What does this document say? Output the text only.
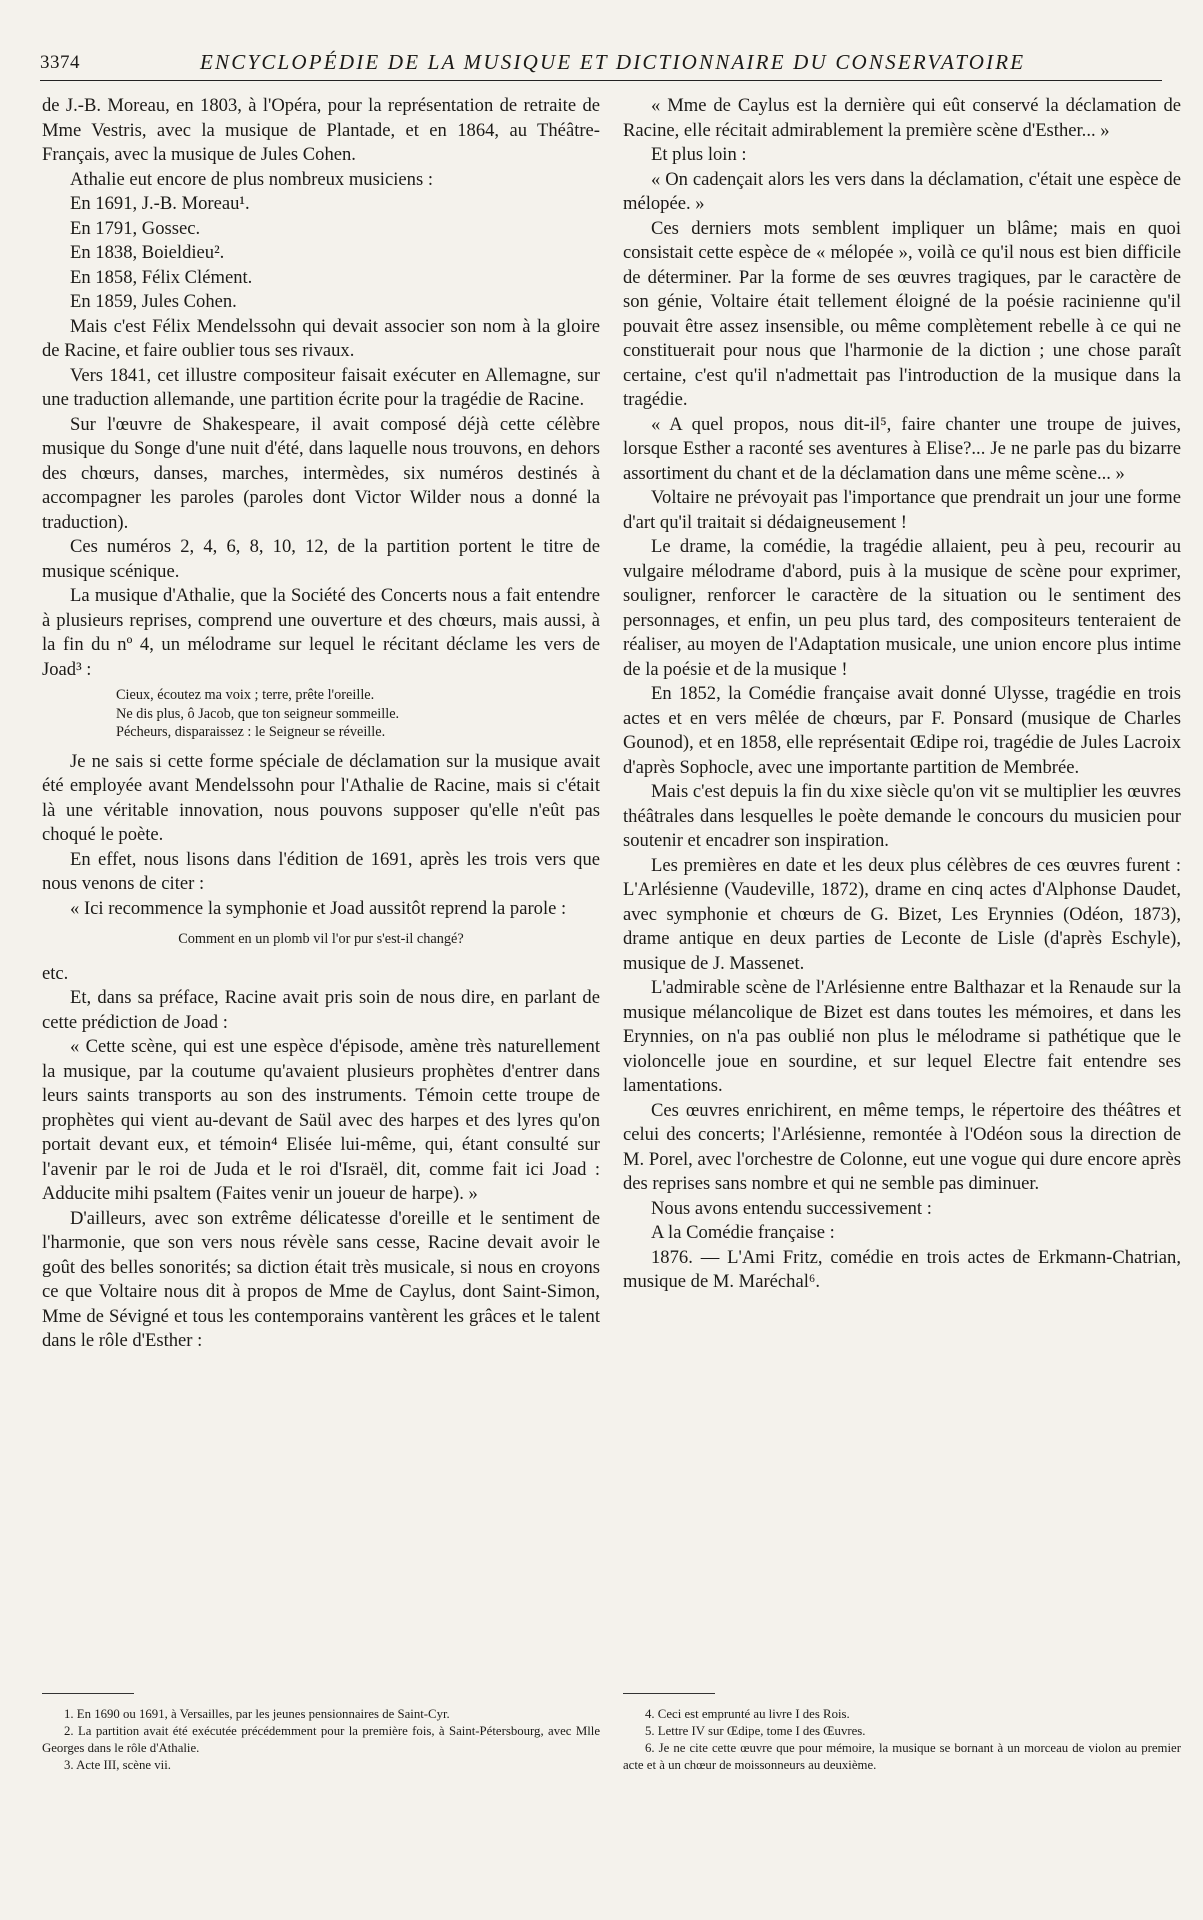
3374	ENCYCLOPÉDIE DE LA MUSIQUE ET DICTIONNAIRE DU CONSERVATOIRE

de J.-B. Moreau, en 1803, à l'Opéra, pour la représentation de retraite de Mme Vestris, avec la musique de Plantade, et en 1864, au Théâtre-Français, avec la musique de Jules Cohen.

Athalie eut encore de plus nombreux musiciens :

En 1691, J.-B. Moreau¹.

En 1791, Gossec.

En 1838, Boieldieu².

En 1858, Félix Clément.

En 1859, Jules Cohen.

Mais c'est Félix Mendelssohn qui devait associer son nom à la gloire de Racine, et faire oublier tous ses rivaux.

Vers 1841, cet illustre compositeur faisait exécuter en Allemagne, sur une traduction allemande, une partition écrite pour la tragédie de Racine.

Sur l'œuvre de Shakespeare, il avait composé déjà cette célèbre musique du Songe d'une nuit d'été, dans laquelle nous trouvons, en dehors des chœurs, danses, marches, intermèdes, six numéros destinés à accompagner les paroles (paroles dont Victor Wilder nous a donné la traduction).

Ces numéros 2, 4, 6, 8, 10, 12, de la partition portent le titre de musique scénique.

La musique d'Athalie, que la Société des Concerts nous a fait entendre à plusieurs reprises, comprend une ouverture et des chœurs, mais aussi, à la fin du nº 4, un mélodrame sur lequel le récitant déclame les vers de Joad³ :

Cieux, écoutez ma voix ; terre, prête l'oreille.
Ne dis plus, ô Jacob, que ton seigneur sommeille.
Pécheurs, disparaissez : le Seigneur se réveille.

Je ne sais si cette forme spéciale de déclamation sur la musique avait été employée avant Mendelssohn pour l'Athalie de Racine, mais si c'était là une véritable innovation, nous pouvons supposer qu'elle n'eût pas choqué le poète.

En effet, nous lisons dans l'édition de 1691, après les trois vers que nous venons de citer :

« Ici recommence la symphonie et Joad aussitôt reprend la parole :

Comment en un plomb vil l'or pur s'est-il changé?

etc.

Et, dans sa préface, Racine avait pris soin de nous dire, en parlant de cette prédiction de Joad :

« Cette scène, qui est une espèce d'épisode, amène très naturellement la musique, par la coutume qu'avaient plusieurs prophètes d'entrer dans leurs saints transports au son des instruments. Témoin cette troupe de prophètes qui vient au-devant de Saül avec des harpes et des lyres qu'on portait devant eux, et témoin⁴ Elisée lui-même, qui, étant consulté sur l'avenir par le roi de Juda et le roi d'Israël, dit, comme fait ici Joad : Adducite mihi psaltem (Faites venir un joueur de harpe). »

D'ailleurs, avec son extrême délicatesse d'oreille et le sentiment de l'harmonie, que son vers nous révèle sans cesse, Racine devait avoir le goût des belles sonorités; sa diction était très musicale, si nous en croyons ce que Voltaire nous dit à propos de Mme de Caylus, dont Saint-Simon, Mme de Sévigné et tous les contemporains vantèrent les grâces et le talent dans le rôle d'Esther :

« Mme de Caylus est la dernière qui eût conservé la déclamation de Racine, elle récitait admirablement la première scène d'Esther... »

Et plus loin :

« On cadençait alors les vers dans la déclamation, c'était une espèce de mélopée. »

Ces derniers mots semblent impliquer un blâme; mais en quoi consistait cette espèce de « mélopée », voilà ce qu'il nous est bien difficile de déterminer. Par la forme de ses œuvres tragiques, par le caractère de son génie, Voltaire était tellement éloigné de la poésie racinienne qu'il pouvait être assez insensible, ou même complètement rebelle à ce qui ne constituerait pour nous que l'harmonie de la diction ; une chose paraît certaine, c'est qu'il n'admettait pas l'introduction de la musique dans la tragédie.

« A quel propos, nous dit-il⁵, faire chanter une troupe de juives, lorsque Esther a raconté ses aventures à Elise?... Je ne parle pas du bizarre assortiment du chant et de la déclamation dans une même scène... »

Voltaire ne prévoyait pas l'importance que prendrait un jour une forme d'art qu'il traitait si dédaigneusement !

Le drame, la comédie, la tragédie allaient, peu à peu, recourir au vulgaire mélodrame d'abord, puis à la musique de scène pour exprimer, souligner, renforcer le caractère de la situation ou le sentiment des personnages, et enfin, un peu plus tard, des compositeurs tenteraient de réaliser, au moyen de l'Adaptation musicale, une union encore plus intime de la poésie et de la musique !

En 1852, la Comédie française avait donné Ulysse, tragédie en trois actes et en vers mêlée de chœurs, par F. Ponsard (musique de Charles Gounod), et en 1858, elle représentait Œdipe roi, tragédie de Jules Lacroix d'après Sophocle, avec une importante partition de Membrée.

Mais c'est depuis la fin du xixe siècle qu'on vit se multiplier les œuvres théâtrales dans lesquelles le poète demande le concours du musicien pour soutenir et encadrer son inspiration.

Les premières en date et les deux plus célèbres de ces œuvres furent : L'Arlésienne (Vaudeville, 1872), drame en cinq actes d'Alphonse Daudet, avec symphonie et chœurs de G. Bizet, Les Erynnies (Odéon, 1873), drame antique en deux parties de Leconte de Lisle (d'après Eschyle), musique de J. Massenet.

L'admirable scène de l'Arlésienne entre Balthazar et la Renaude sur la musique mélancolique de Bizet est dans toutes les mémoires, et dans les Erynnies, on n'a pas oublié non plus le mélodrame si pathétique que le violoncelle joue en sourdine, et sur lequel Electre fait entendre ses lamentations.

Ces œuvres enrichirent, en même temps, le répertoire des théâtres et celui des concerts; l'Arlésienne, remontée à l'Odéon sous la direction de M. Porel, avec l'orchestre de Colonne, eut une vogue qui dure encore après des reprises sans nombre et qui ne semble pas diminuer.

Nous avons entendu successivement :

A la Comédie française :

1876. — L'Ami Fritz, comédie en trois actes de Erkmann-Chatrian, musique de M. Maréchal⁶.

1. En 1690 ou 1691, à Versailles, par les jeunes pensionnaires de Saint-Cyr.

2. La partition avait été exécutée précédemment pour la première fois, à Saint-Pétersbourg, avec Mlle Georges dans le rôle d'Athalie.

3. Acte III, scène vii.

4. Ceci est emprunté au livre I des Rois.

5. Lettre IV sur Œdipe, tome I des Œuvres.

6. Je ne cite cette œuvre que pour mémoire, la musique se bornant à un morceau de violon au premier acte et à un chœur de moissonneurs au deuxième.
